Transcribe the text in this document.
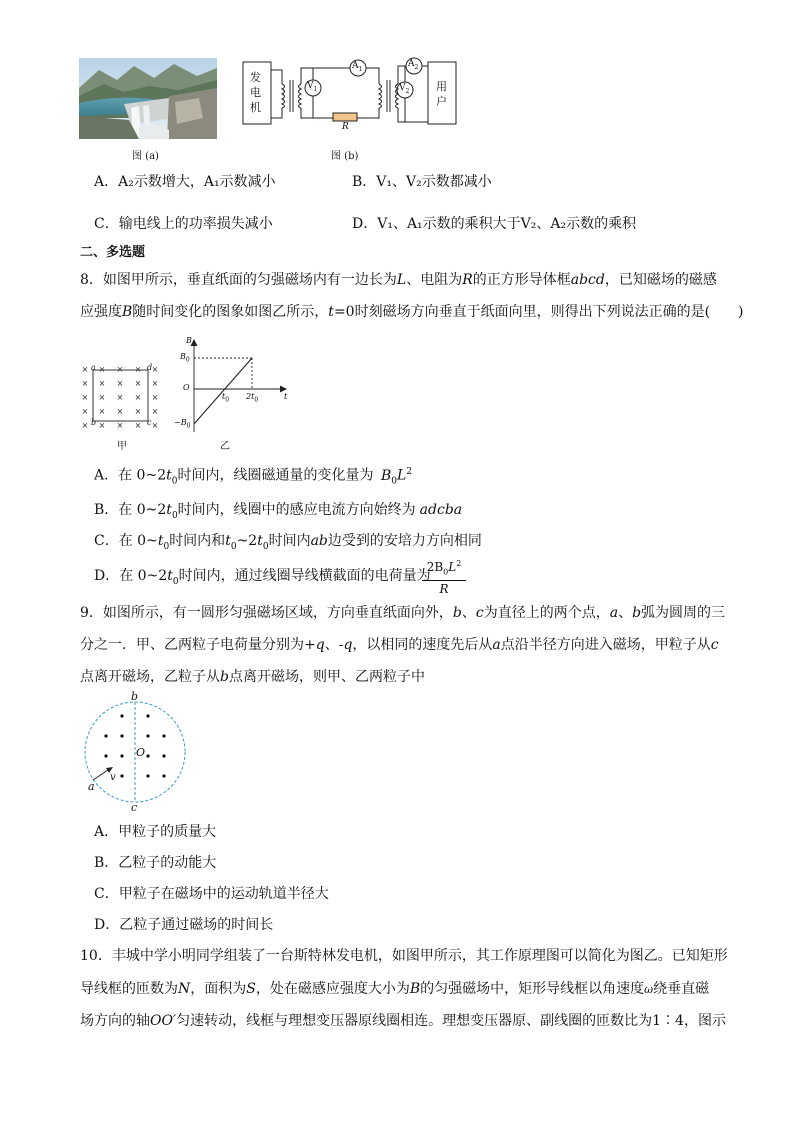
图 (a)
发
电
机
用
户
$V_1$
$A_1$
$A_2$
$V_2$
R
图 (b)
A．A₂示数增大，A₁示数减小	B．V₁、V₂示数都减小
C．输电线上的功率损失减小	D．V₁、A₁示数的乘积大于V₂、A₂示数的乘积
二、多选题
8．如图甲所示，垂直纸面的匀强磁场内有一边长为L、电阻为R的正方形导体框abcd，已知磁场的磁感
应强度B随时间变化的图象如图乙所示，t=0时刻磁场方向垂直于纸面向里，则得出下列说法正确的是(　　)
× × × × ×
× × × × ×
× × × × ×
× × × × ×
× × × × ×
a	d
b	c
甲
B
$B_0$
O
$-B_0$
$t_0$ $2t_0$	t
乙
A．在 $0\sim 2t_0$时间内，线圈磁通量的变化量为 $B_0L^2$
B．在 $0\sim 2t_0$时间内，线圈中的感应电流方向始终为 adcba
C．在 $0\sim t_0$时间内和$t_0\sim 2t_0$时间内ab边受到的安培力方向相同
D．在 $0\sim 2t_0$时间内，通过线圈导线横截面的电荷量为
$2B_0L^2$
R
9．如图所示，有一圆形匀强磁场区域，方向垂直纸面向外，b、c为直径上的两个点，a、b弧为圆周的三
分之一．甲、乙两粒子电荷量分别为+q、-q，以相同的速度先后从a点沿半径方向进入磁场，甲粒子从c
点离开磁场，乙粒子从b点离开磁场，则甲、乙两粒子中
b
c
a
O
v
A．甲粒子的质量大
B．乙粒子的动能大
C．甲粒子在磁场中的运动轨道半径大
D．乙粒子通过磁场的时间长
10．丰城中学小明同学组装了一台斯特林发电机，如图甲所示，其工作原理图可以简化为图乙。已知矩形
导线框的匝数为N，面积为S，处在磁感应强度大小为B的匀强磁场中，矩形导线框以角速度ω绕垂直磁
场方向的轴OO′匀速转动，线框与理想变压器原线圈相连。理想变压器原、副线圈的匝数比为1∶4，图示
